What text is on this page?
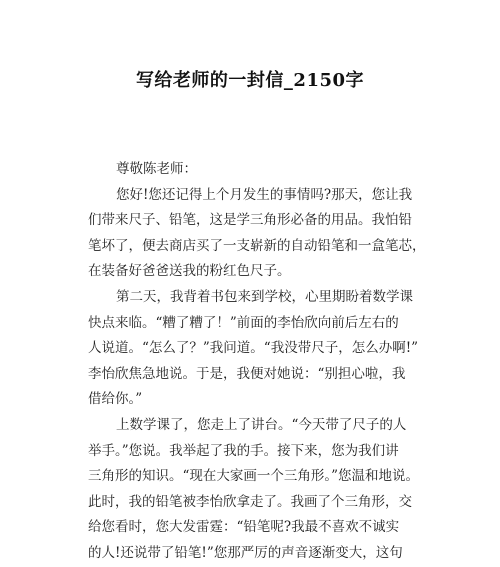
写给老师的一封信_2150字
尊敬陈老师：
您好!您还记得上个月发生的事情吗?那天，您让我
们带来尺子、铅笔，这是学三角形必备的用品。我怕铅
笔坏了，便去商店买了一支崭新的自动铅笔和一盒笔芯，
在装备好爸爸送我的粉红色尺子。
第二天，我背着书包来到学校，心里期盼着数学课
快点来临。“糟了糟了！”前面的李怡欣向前后左右的
人说道。“怎么了？”我问道。“我没带尺子，怎么办啊!”
李怡欣焦急地说。于是，我便对她说：“别担心啦，我
借给你。”
上数学课了，您走上了讲台。“今天带了尺子的人
举手。”您说。我举起了我的手。接下来，您为我们讲
三角形的知识。“现在大家画一个三角形。”您温和地说。
此时，我的铅笔被李怡欣拿走了。我画了个三角形，交
给您看时，您大发雷霆：“铅笔呢?我最不喜欢不诚实
的人!还说带了铅笔!”您那严厉的声音逐渐变大，这句
